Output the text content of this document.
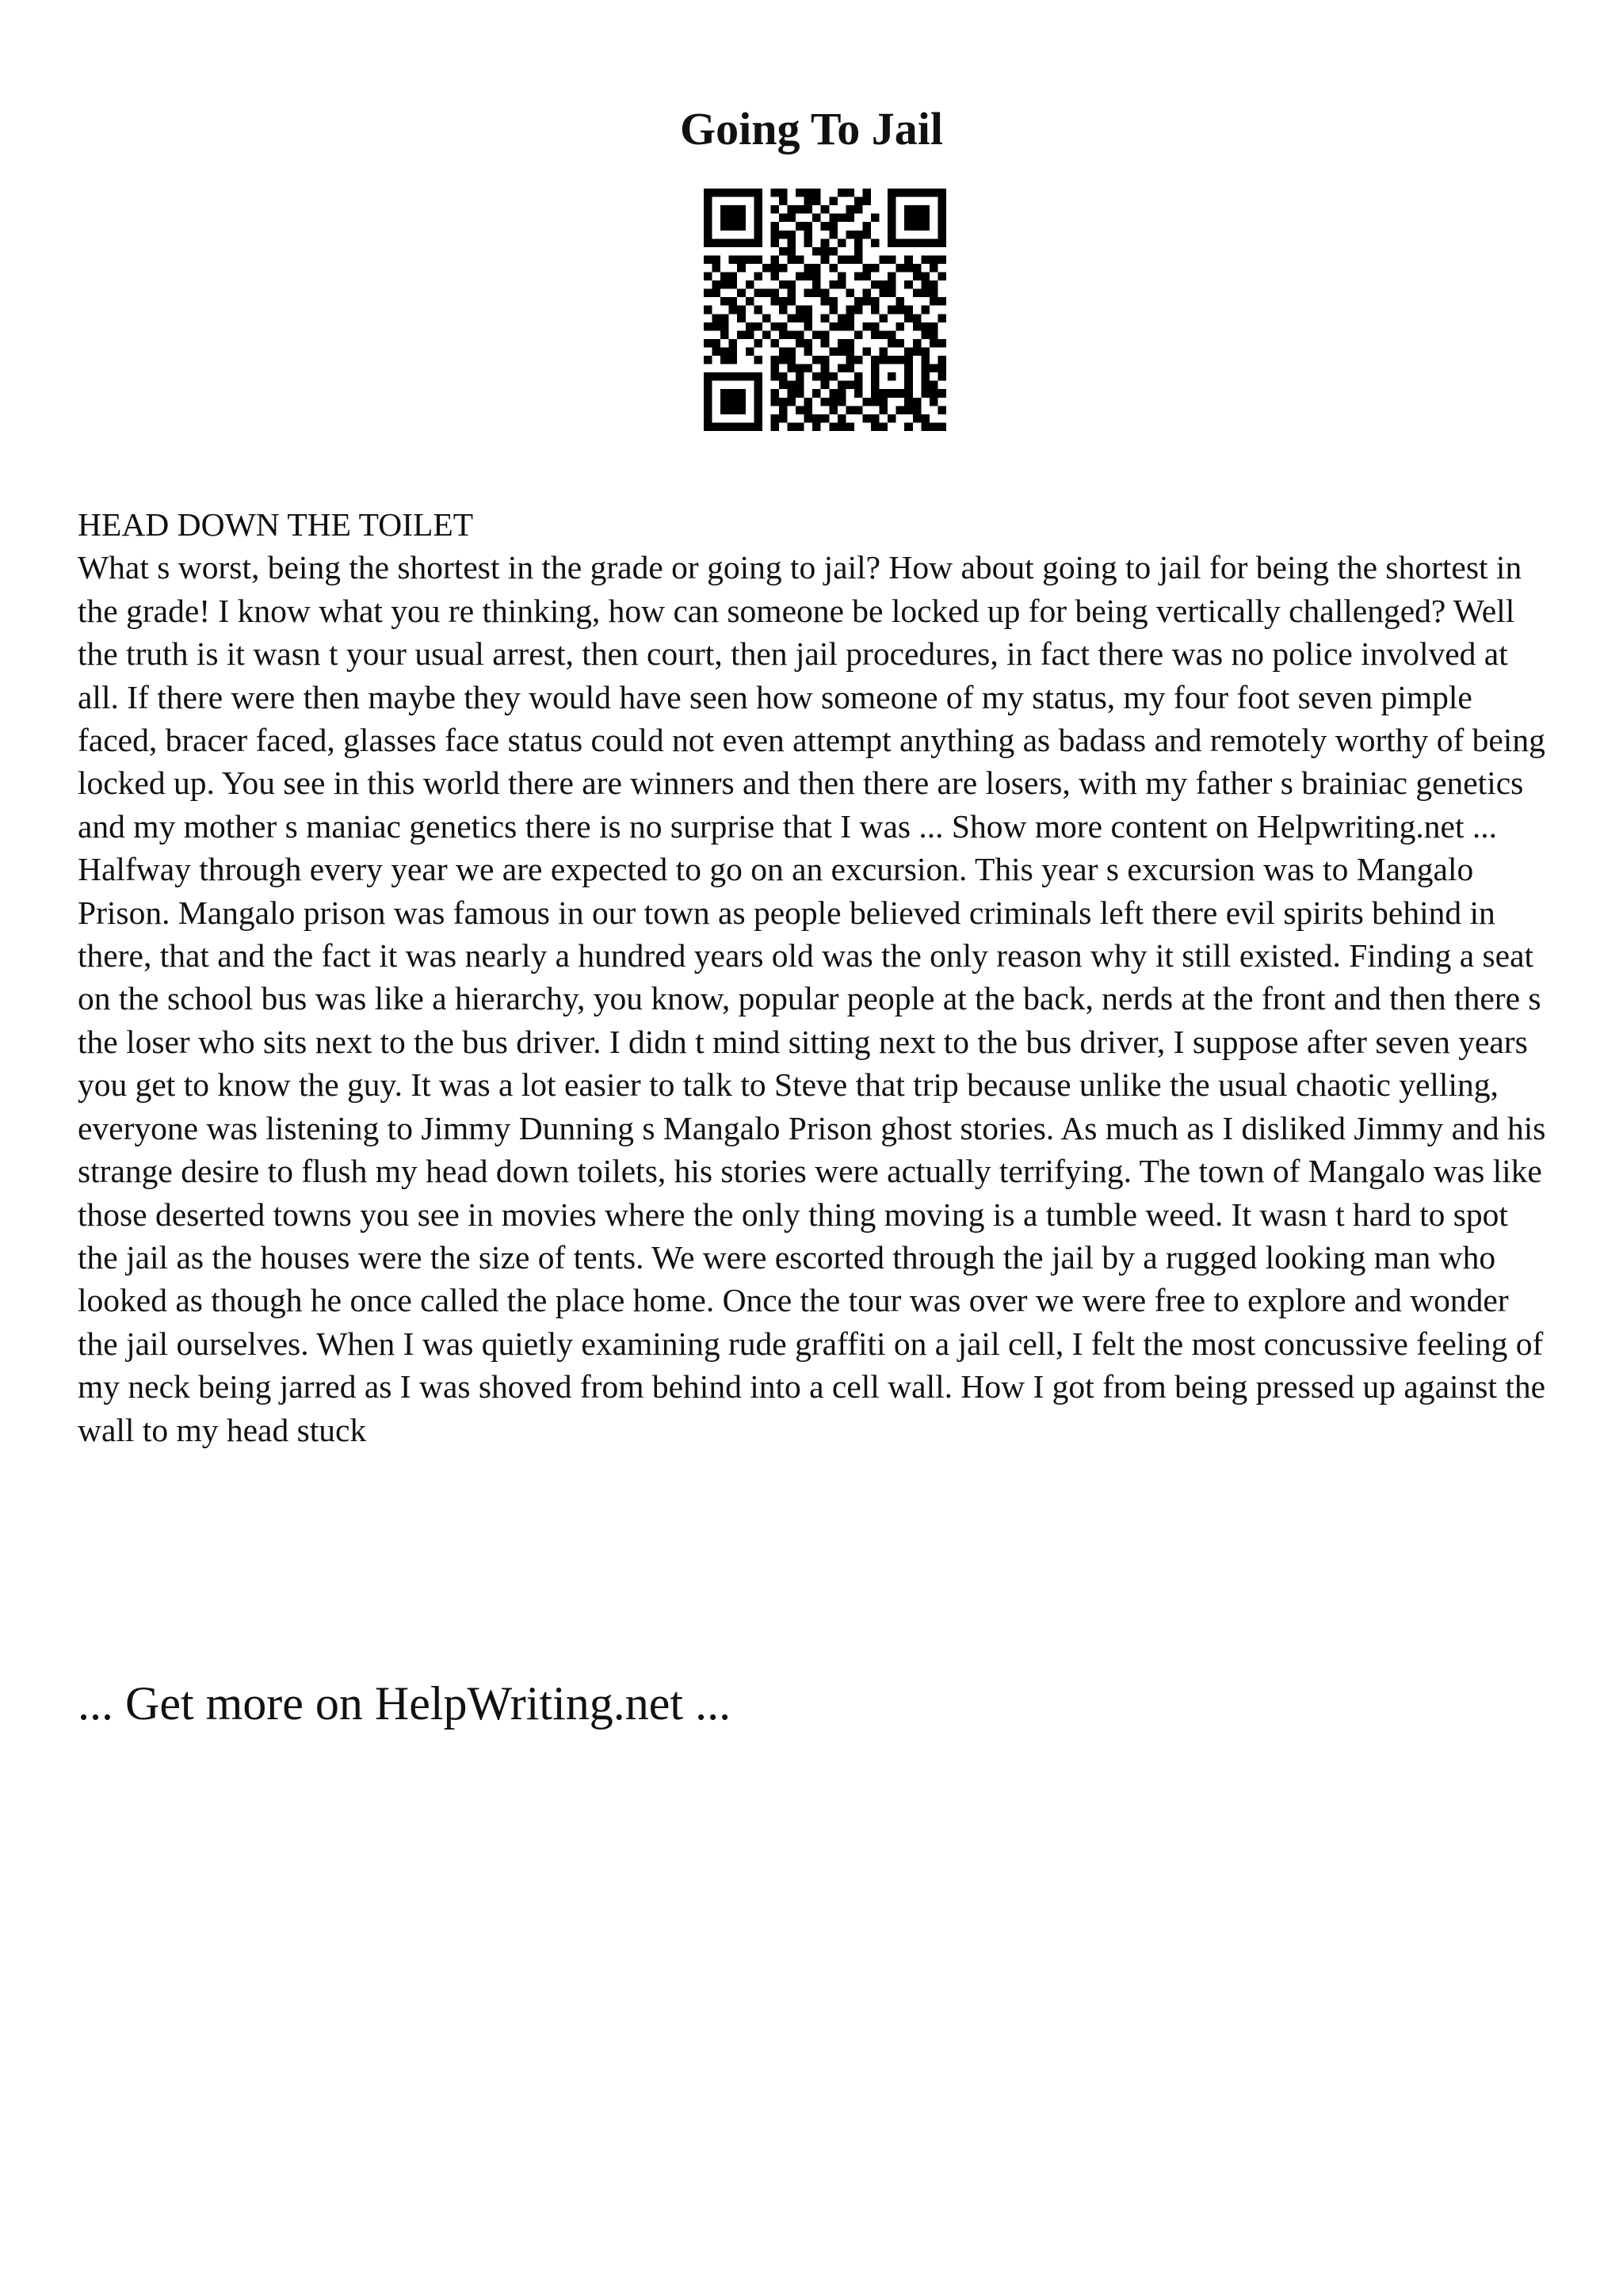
Going To Jail

HEAD DOWN THE TOILET

What s worst, being the shortest in the grade or going to jail? How about going to jail for being the shortest in the grade! I know what you re thinking, how can someone be locked up for being vertically challenged? Well the truth is it wasn t your usual arrest, then court, then jail procedures, in fact there was no police involved at all. If there were then maybe they would have seen how someone of my status, my four foot seven pimple faced, bracer faced, glasses face status could not even attempt anything as badass and remotely worthy of being locked up. You see in this world there are winners and then there are losers, with my father s brainiac genetics and my mother s maniac genetics there is no surprise that I was ... Show more content on Helpwriting.net ...

Halfway through every year we are expected to go on an excursion. This year s excursion was to Mangalo Prison. Mangalo prison was famous in our town as people believed criminals left there evil spirits behind in there, that and the fact it was nearly a hundred years old was the only reason why it still existed. Finding a seat on the school bus was like a hierarchy, you know, popular people at the back, nerds at the front and then there s the loser who sits next to the bus driver. I didn t mind sitting next to the bus driver, I suppose after seven years you get to know the guy. It was a lot easier to talk to Steve that trip because unlike the usual chaotic yelling, everyone was listening to Jimmy Dunning s Mangalo Prison ghost stories. As much as I disliked Jimmy and his strange desire to flush my head down toilets, his stories were actually terrifying. The town of Mangalo was like those deserted towns you see in movies where the only thing moving is a tumble weed. It wasn t hard to spot the jail as the houses were the size of tents. We were escorted through the jail by a rugged looking man who looked as though he once called the place home. Once the tour was over we were free to explore and wonder the jail ourselves. When I was quietly examining rude graffiti on a jail cell, I felt the most concussive feeling of my neck being jarred as I was shoved from behind into a cell wall. How I got from being pressed up against the wall to my head stuck

... Get more on HelpWriting.net ...
